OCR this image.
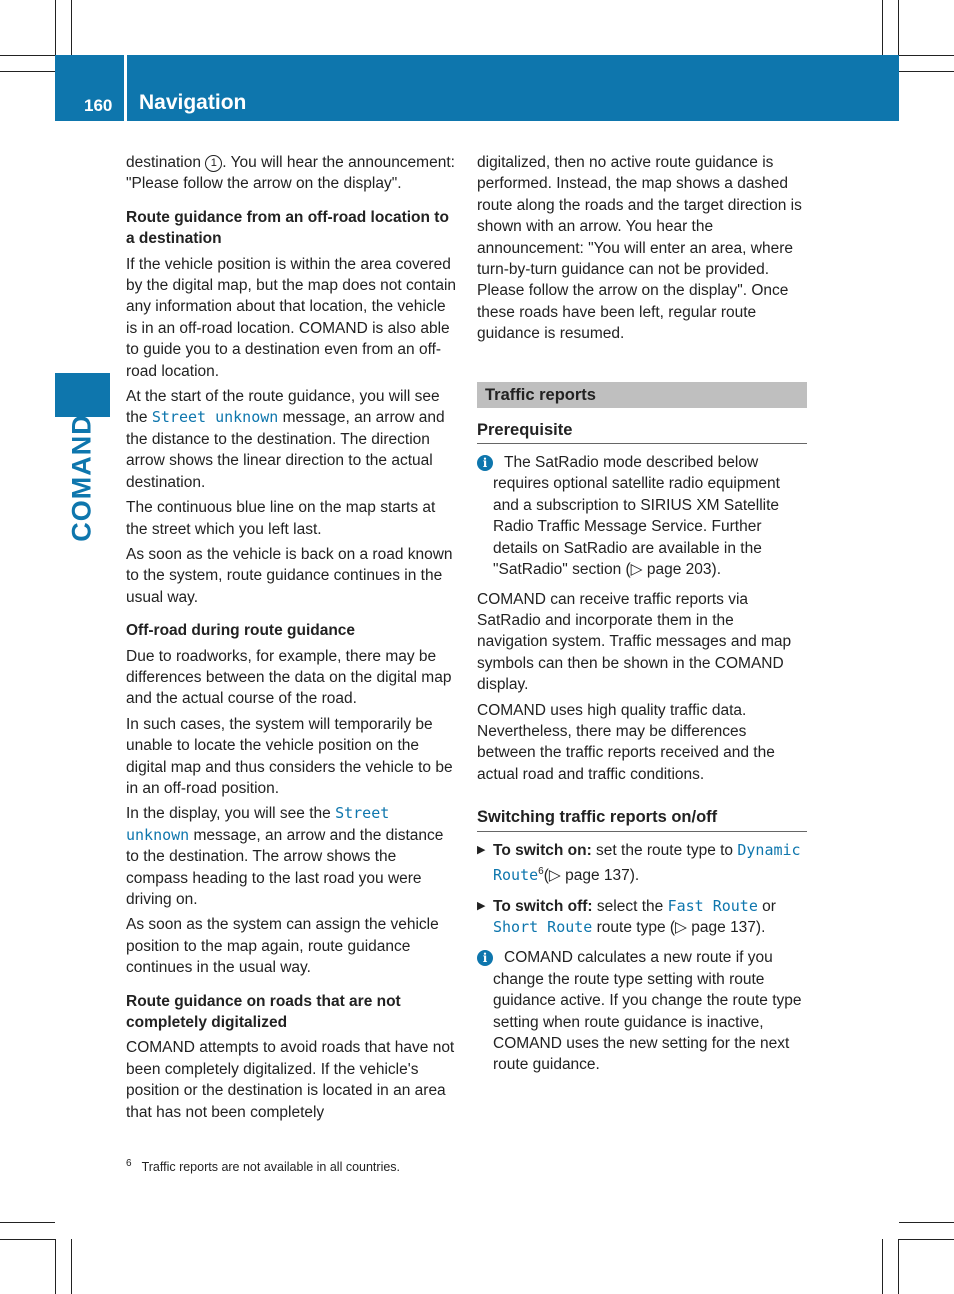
160 Navigation
COMAND

destination 1 . You will hear the announcement: "Please follow the arrow on the display".

Route guidance from an off-road location to a destination

If the vehicle position is within the area covered by the digital map, but the map does not contain any information about that location, the vehicle is in an off-road location. COMAND is also able to guide you to a destination even from an off-road location.

At the start of the route guidance, you will see the Street unknown message, an arrow and the distance to the destination. The direction arrow shows the linear direction to the actual destination.

The continuous blue line on the map starts at the street which you left last.

As soon as the vehicle is back on a road known to the system, route guidance continues in the usual way.

Off-road during route guidance

Due to roadworks, for example, there may be differences between the data on the digital map and the actual course of the road.

In such cases, the system will temporarily be unable to locate the vehicle position on the digital map and thus considers the vehicle to be in an off-road position.

In the display, you will see the Street unknown message, an arrow and the distance to the destination. The arrow shows the compass heading to the last road you were driving on.

As soon as the system can assign the vehicle position to the map again, route guidance continues in the usual way.

Route guidance on roads that are not completely digitalized

COMAND attempts to avoid roads that have not been completely digitalized. If the vehicle's position or the destination is located in an area that has not been completely

digitalized, then no active route guidance is performed. Instead, the map shows a dashed route along the roads and the target direction is shown with an arrow. You hear the announcement: "You will enter an area, where turn-by-turn guidance can not be provided. Please follow the arrow on the display". Once these roads have been left, regular route guidance is resumed.

Traffic reports
Prerequisite
i	The SatRadio mode described below requires optional satellite radio equipment and a subscription to SIRIUS XM Satellite Radio Traffic Message Service. Further details on SatRadio are available in the "SatRadio" section (▷ page 203).

COMAND can receive traffic reports via SatRadio and incorporate them in the navigation system. Traffic messages and map symbols can then be shown in the COMAND display.

COMAND uses high quality traffic data. Nevertheless, there may be differences between the traffic reports received and the actual road and traffic conditions.

Switching traffic reports on/off
▶ To switch on: set the route type to Dynamic Route$^6$(▷ page 137).
▶ To switch off: select the Fast Route or Short Route route type (▷ page 137).
i	COMAND calculates a new route if you change the route type setting with route guidance active. If you change the route type setting when route guidance is inactive, COMAND uses the new setting for the next route guidance.
$^6$ Traffic reports are not available in all countries.
